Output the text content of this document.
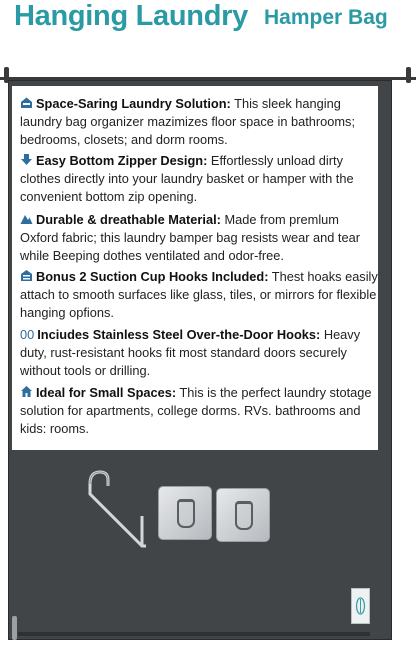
Hanging Laundry Hamper Bag
Space-Saring Laundry Solution: This sleek hanging laundry bag organizer mazimizes floor space in bathrooms; bedrooms, closets; and dorm rooms.
Easy Bottom Zipper Design: Effortlessly unload dirty clothes directly into your laundry basket or hamper with the convenient bottom zip opening.
Durable & dreathable Material: Made from premlum Oxford fabric; this laundry bamper bag resists wear and tear while Beeping dothes ventilated and odor-free.
Bonus 2 Suction Cup Hooks Included: Thest hoaks easily attach to smooth surfaces like glass, tiles, or mirrors for flexible hanging opfions.
00 Inciudes Stainless Steel Over-the-Door Hooks: Heavy duty, rust-resistant hooks fit most standard doors securely without tools or drilling.
Ideal for Small Spaces: This is the perfect laundry stotage solution for apartments, college dorms. RVs. bathrooms and kids: rooms.
